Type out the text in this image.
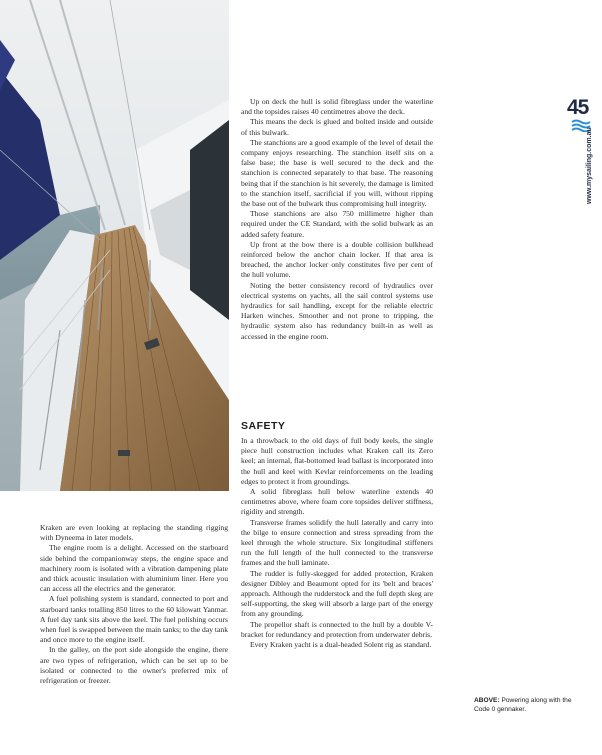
45
www.mysailing.com.au

Kraken are even looking at replacing the standing rigging with Dyneema in later models.

The engine room is a delight. Accessed on the starboard side behind the companionway steps, the engine space and machinery room is isolated with a vibration dampening plate and thick acoustic insulation with aluminium liner. Here you can access all the electrics and the generator.

A fuel polishing system is standard, connected to port and starboard tanks totalling 850 litres to the 60 kilowatt Yanmar. A fuel day tank sits above the keel. The fuel polishing occurs when fuel is swapped between the main tanks; to the day tank and once more to the engine itself.

In the galley, on the port side alongside the engine, there are two types of refrigeration, which can be set up to be isolated or connected to the owner's preferred mix of refrigeration or freezer.

Up on deck the hull is solid fibreglass under the waterline and the topsides raises 40 centimetres above the deck.

This means the deck is glued and bolted inside and outside of this bulwark.

The stanchions are a good example of the level of detail the company enjoys researching. The stanchion itself sits on a false base; the base is well secured to the deck and the stanchion is connected separately to that base. The reasoning being that if the stanchion is hit severely, the damage is limited to the stanchion itself, sacrificial if you will, without ripping the base out of the bulwark thus compromising hull integrity.

Those stanchions are also 750 millimetre higher than required under the CE Standard, with the solid bulwark as an added safety feature.

Up front at the bow there is a double collision bulkhead reinforced below the anchor chain locker. If that area is breached, the anchor locker only constitutes five per cent of the hull volume.

Noting the better consistency record of hydraulics over electrical systems on yachts, all the sail control systems use hydraulics for sail handling, except for the reliable electric Harken winches. Smoother and not prone to tripping, the hydraulic system also has redundancy built-in as well as accessed in the engine room.

SAFETY

In a throwback to the old days of full body keels, the single piece hull construction includes what Kraken call its Zero keel; an internal, flat-bottomed lead ballast is incorporated into the hull and keel with Kevlar reinforcements on the leading edges to protect it from groundings.

A solid fibreglass hull below waterline extends 40 centimetres above, where foam core topsides deliver stiffness, rigidity and strength.

Transverse frames solidify the hull laterally and carry into the bilge to ensure connection and stress spreading from the keel through the whole structure. Six longitudinal stiffeners run the full length of the hull connected to the transverse frames and the hull laminate.

The rudder is fully-skegged for added protection, Kraken designer Dibley and Beaumont opted for its 'belt and braces' approach. Although the rudderstock and the full depth skeg are self-supporting, the skeg will absorb a large part of the energy from any grounding.

The propellor shaft is connected to the hull by a double V-bracket for redundancy and protection from underwater debris.

Every Kraken yacht is a dual-headed Solent rig as standard.

ABOVE: Powering along with the Code 0 gennaker.
